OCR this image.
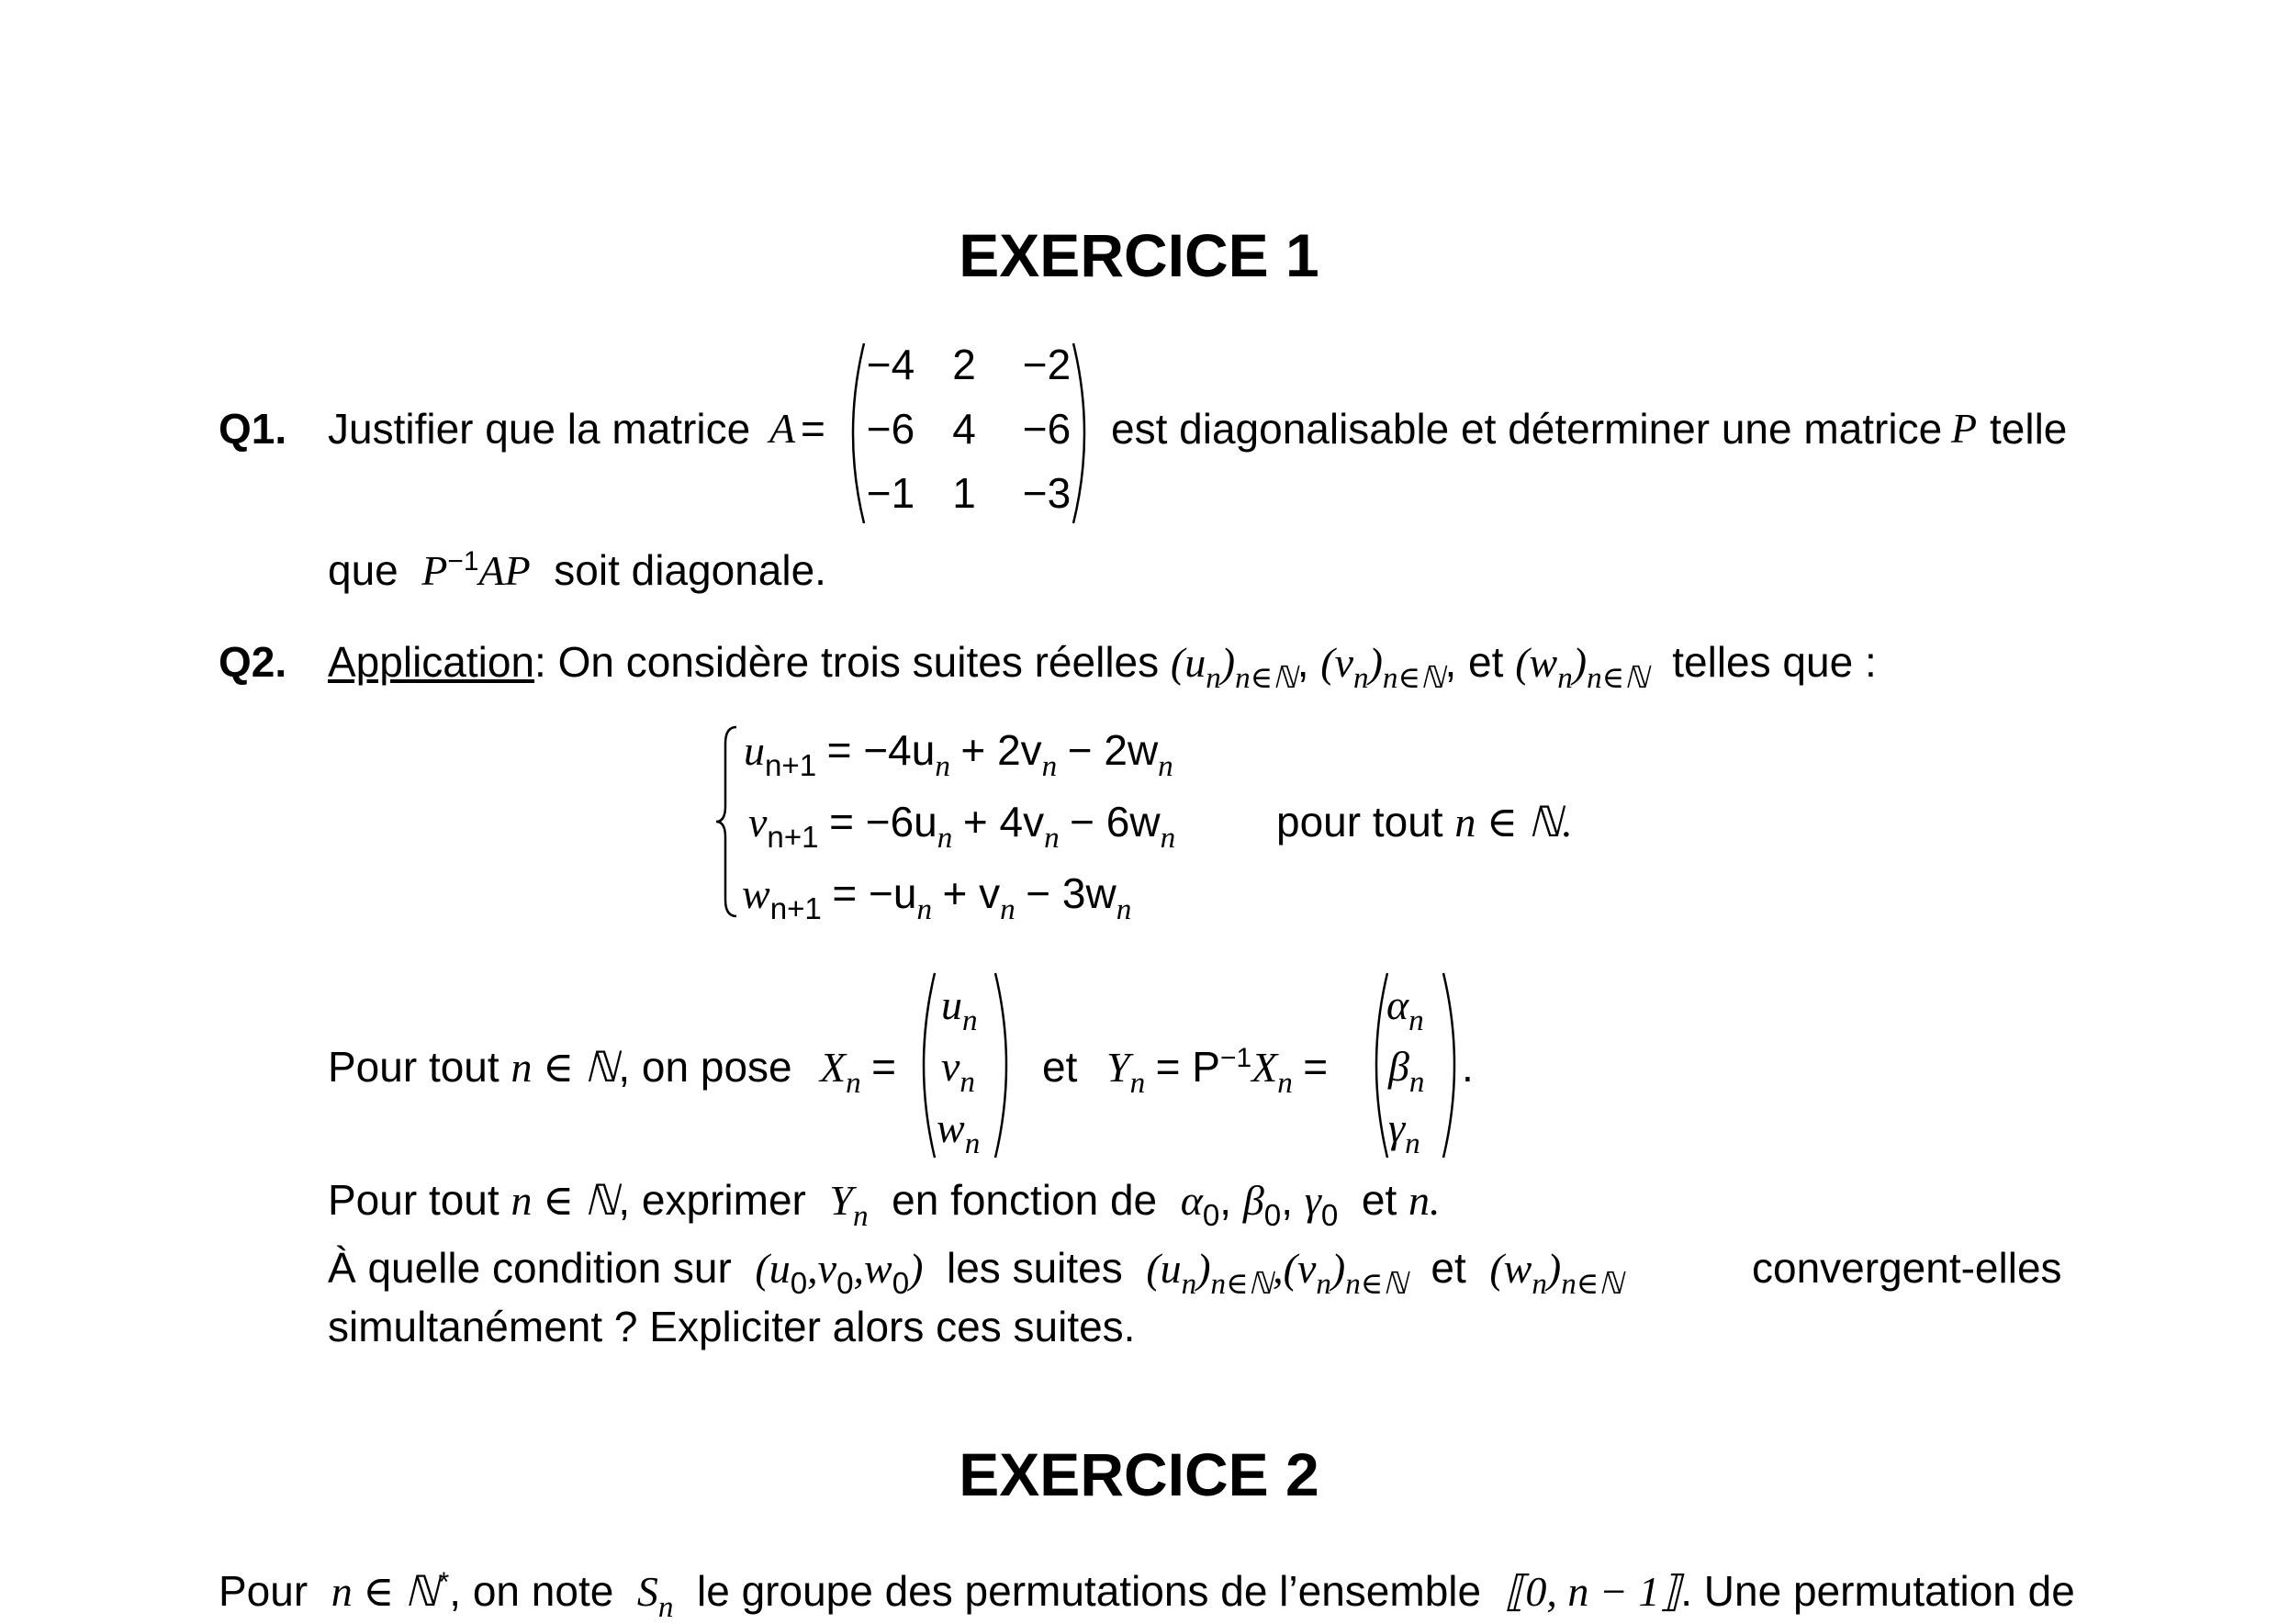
EXERCICE 1
Q1. Justifier que la matrice A =
−4 2	−2
−6 4	−6
−1 1	−3
est diagonalisable et déterminer une matrice P telle
que $P^{-1}AP$ soit diagonale.
Q2. Application: On considère trois suites réelles $(u_n)_{n\in ℕ}$, $(v_n)_{n\in ℕ}$, et $(w_n)_{n\in ℕ}$ telles que :
$u_{n+1} = -4u_n + 2v_n - 2w_n$
$v_{n+1} = -6u_n + 4v_n - 6w_n$
$w_{n+1} = -u_n + v_n - 3w_n$
pour tout n ∈ ℕ.
Pour tout n ∈ ℕ, on pose $X_n$ =
$u_n$
$v_n$
$w_n$
et $Y_n = P^{-1}X_n$ =
$\alpha_n$
$\beta_n$
$\gamma_n$
.
Pour tout n ∈ ℕ, exprimer $Y_n$ en fonction de $\alpha_0$, $\beta_0$, $\gamma_0$ et n.
À quelle condition sur $(u_0,v_0,w_0)$ les suites $(u_n)_{n\in ℕ},(v_n)_{n\in ℕ}$ et $(w_n)_{n\in ℕ}$	convergent-elles
simultanément ? Expliciter alors ces suites.
EXERCICE 2
Pour n ∈ ℕ*, on note $S_n$ le groupe des permutations de l’ensemble ⟦0, n − 1⟧. Une permutation de
